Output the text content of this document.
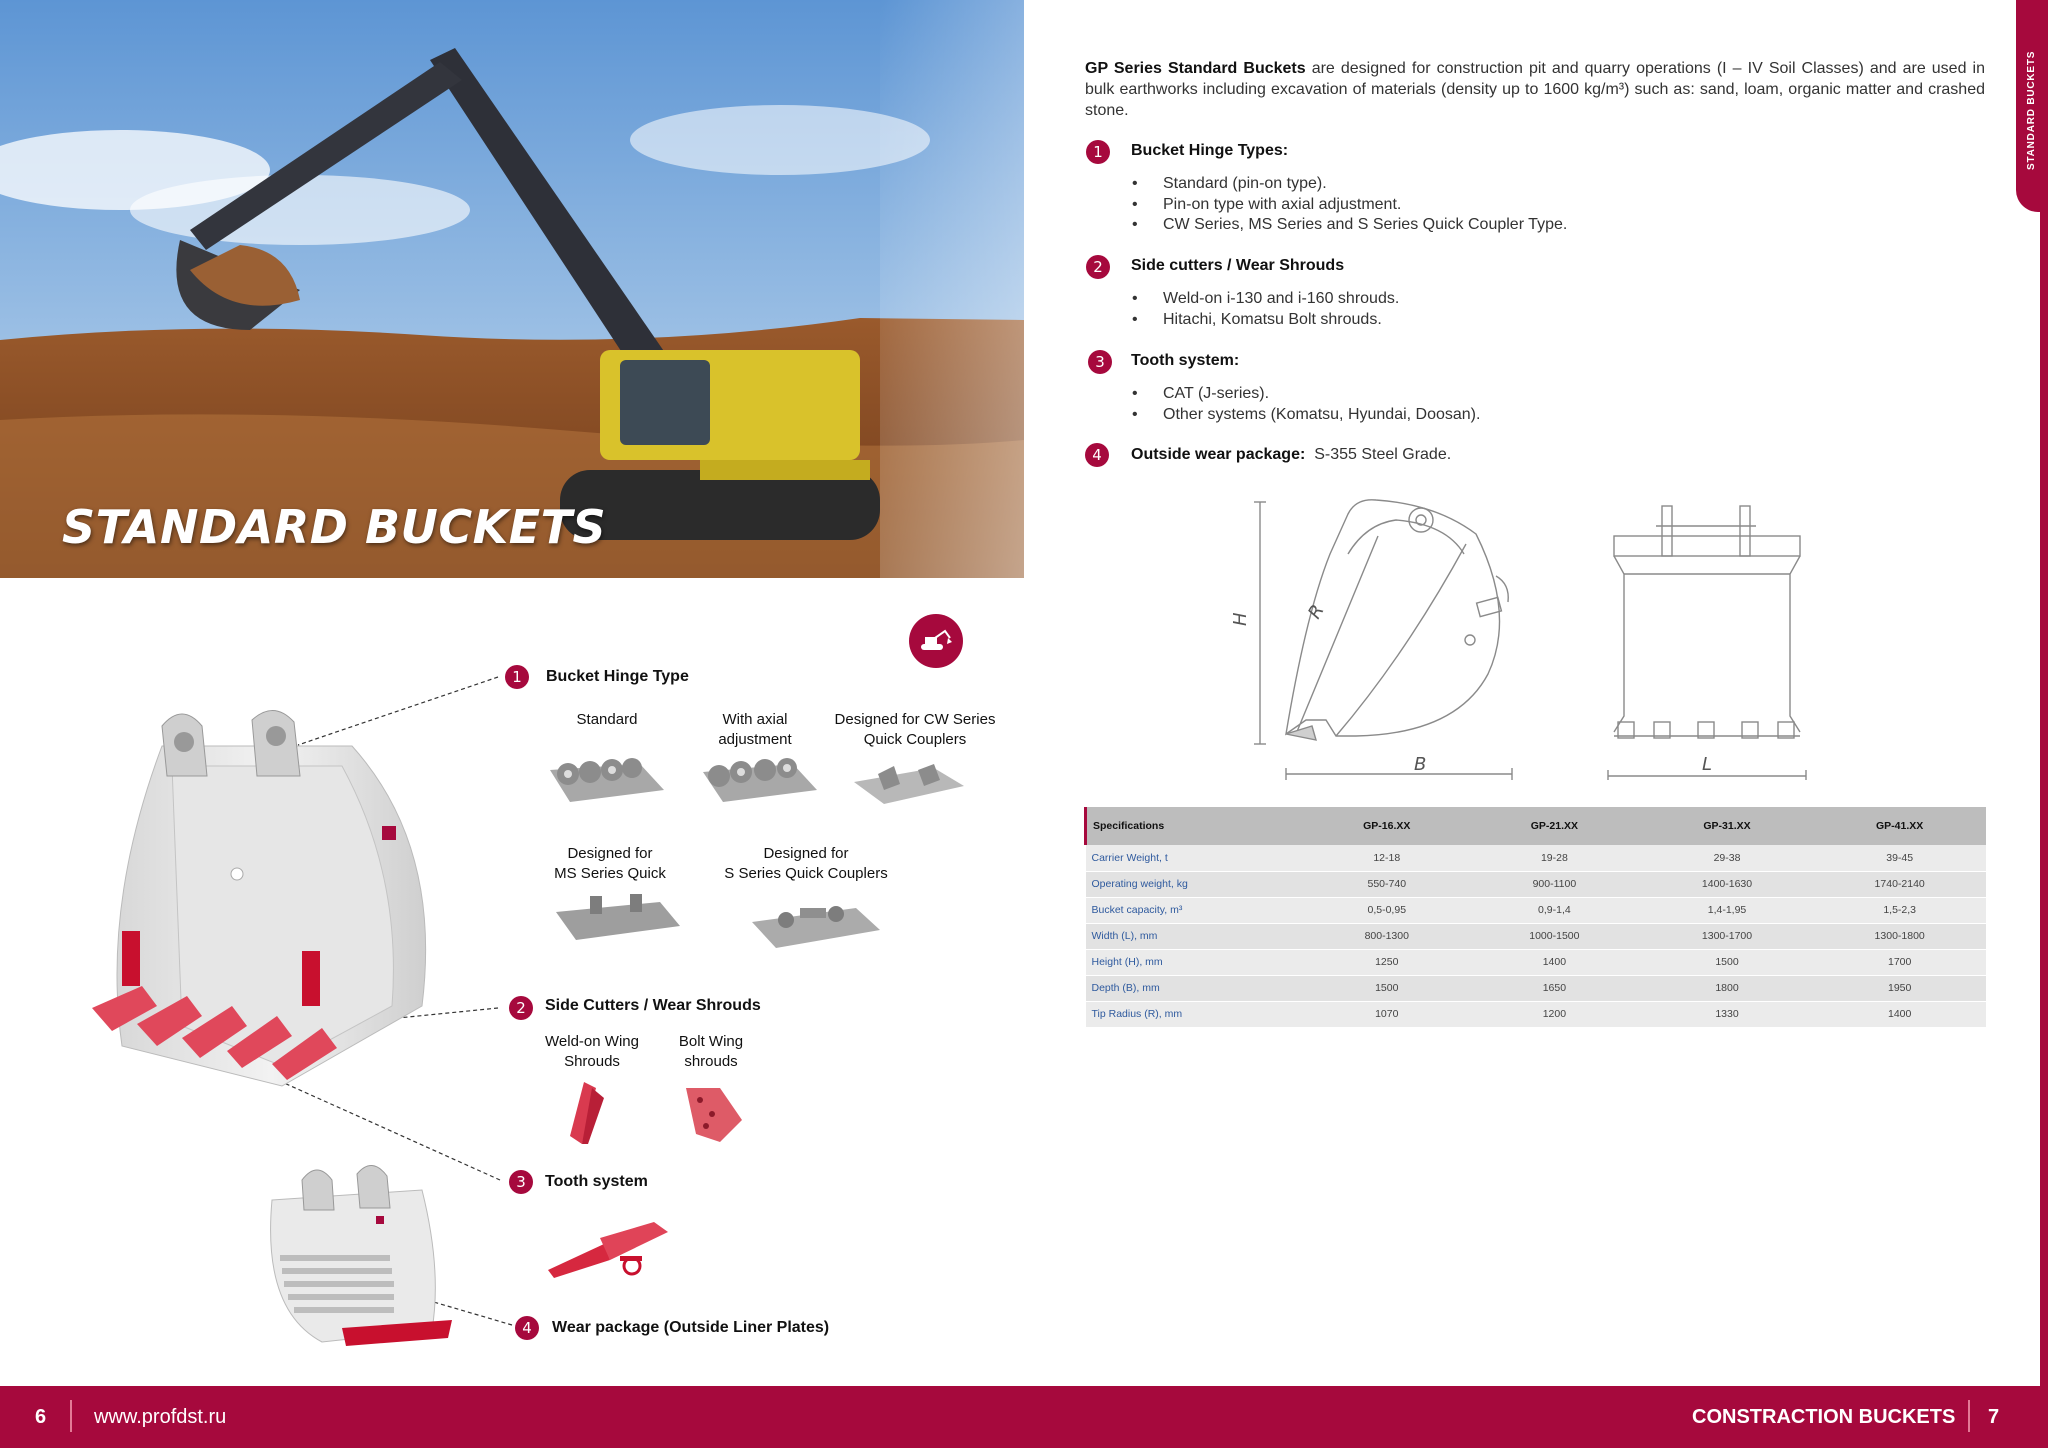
STANDARD BUCKETS
1	Bucket Hinge Type
Standard	With axial
adjustment
Designed for CW Series
Quick Couplers
Designed for
MS Series Quick
Designed for
S Series Quick Couplers
2	Side Cutters / Wear Shrouds
Weld-on Wing
Shrouds
Bolt Wing
shrouds
3	Tooth system
4	Wear package (Outside Liner Plates)
GP Series Standard Buckets are designed for construction pit and quarry operations (I – IV Soil Classes) and are used in bulk earthworks including excavation of materials (density up to 1600 kg/m³) such as: sand, loam, organic matter and crashed stone.
1	Bucket Hinge Types:
• Standard (pin-on type).
• Pin-on type with axial adjustment.
• CW Series, MS Series and S Series Quick Coupler Type.
2	Side cutters / Wear Shrouds
• Weld-on i-130 and i-160 shrouds.
• Hitachi, Komatsu Bolt shrouds.
3	Tooth system:
• CAT (J-series).
• Other systems (Komatsu, Hyundai, Doosan).
4	Outside wear package: S-355 Steel Grade.
H	R
B	L
Specifications	GP-16.XX	GP-21.XX	GP-31.XX	GP-41.XX
Carrier Weight, t	12-18	19-28	29-38	39-45
Operating weight, kg	550-740	900-1100	1400-1630	1740-2140
Bucket capacity, m³	0,5-0,95	0,9-1,4	1,4-1,95	1,5-2,3
Width (L), mm	800-1300	1000-1500	1300-1700	1300-1800
Height (H), mm	1250	1400	1500	1700
Depth (B), mm	1500	1650	1800	1950
Tip Radius (R), mm	1070	1200	1330	1400
STANDARD BUCKETS
6 www.profdst.ru	CONSTRACTION BUCKETS 7
